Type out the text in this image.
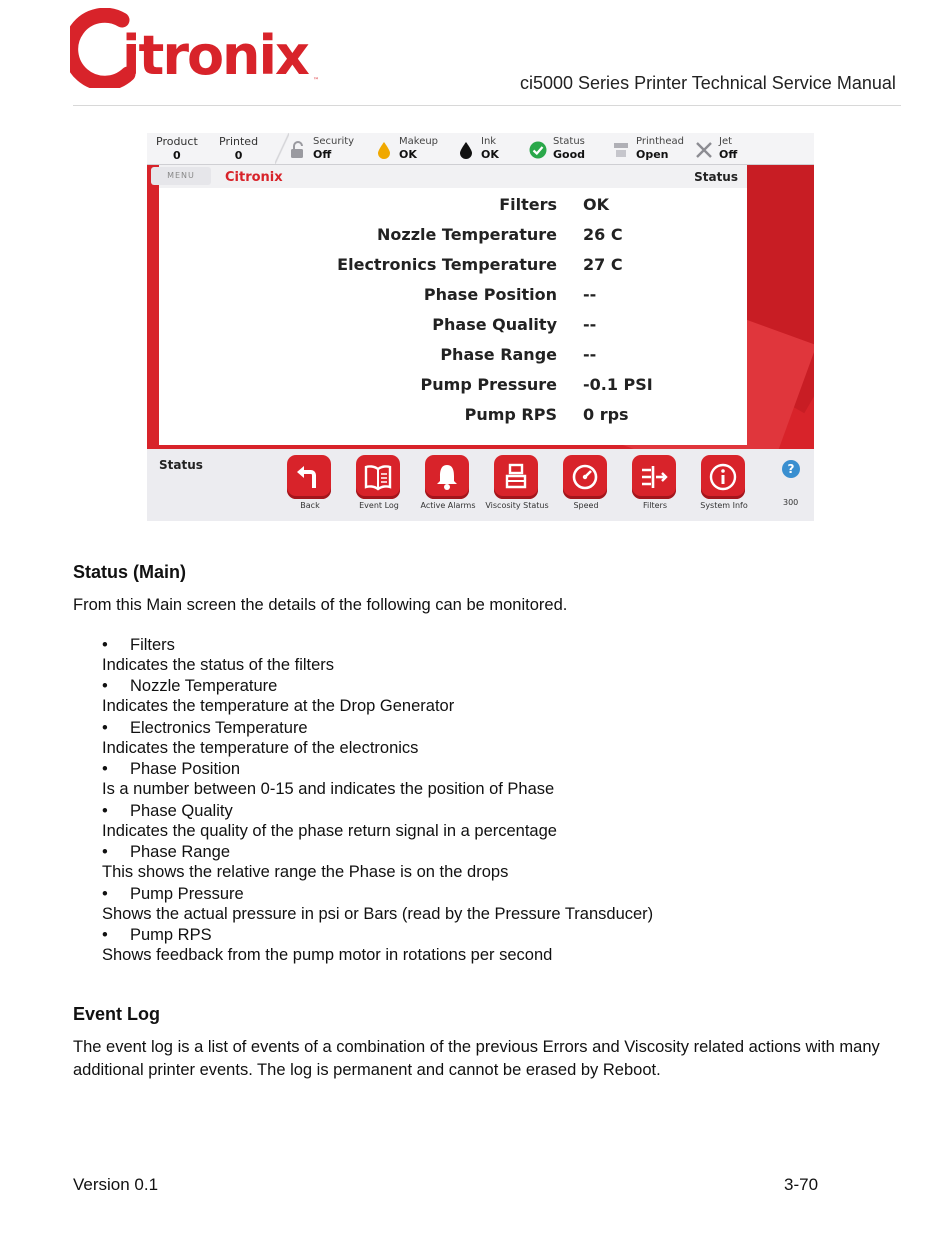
itronix ™	ci5000 Series Printer Technical Service Manual
Product
0
Printed
0
Security
Off
Makeup
OK
Ink
OK
Status
Good
Printhead
Open
Jet
Off
MENU	Citronix	Status
Filters OK
Nozzle Temperature 26 C
Electronics Temperature 27 C
Phase Position --
Phase Quality --
Phase Range --
Pump Pressure -0.1 PSI
Pump RPS 0 rps
Status
Back	Event Log	Active Alarms	Viscosity Status	Speed	Filters	System Info
?
300
Status (Main)
From this Main screen the details of the following can be monitored.
• Filters
Indicates the status of the filters
• Nozzle Temperature
Indicates the temperature at the Drop Generator
• Electronics Temperature
Indicates the temperature of the electronics
• Phase Position
Is a number between 0-15 and indicates the position of Phase
• Phase Quality
Indicates the quality of the phase return signal in a percentage
• Phase Range
This shows the relative range the Phase is on the drops
• Pump Pressure
Shows the actual pressure in psi or Bars (read by the Pressure Transducer)
• Pump RPS
Shows feedback from the pump motor in rotations per second
Event Log
The event log is a list of events of a combination of the previous Errors and Viscosity related actions with many additional printer events. The log is permanent and cannot be erased by Reboot.
Version 0.1	3-70
